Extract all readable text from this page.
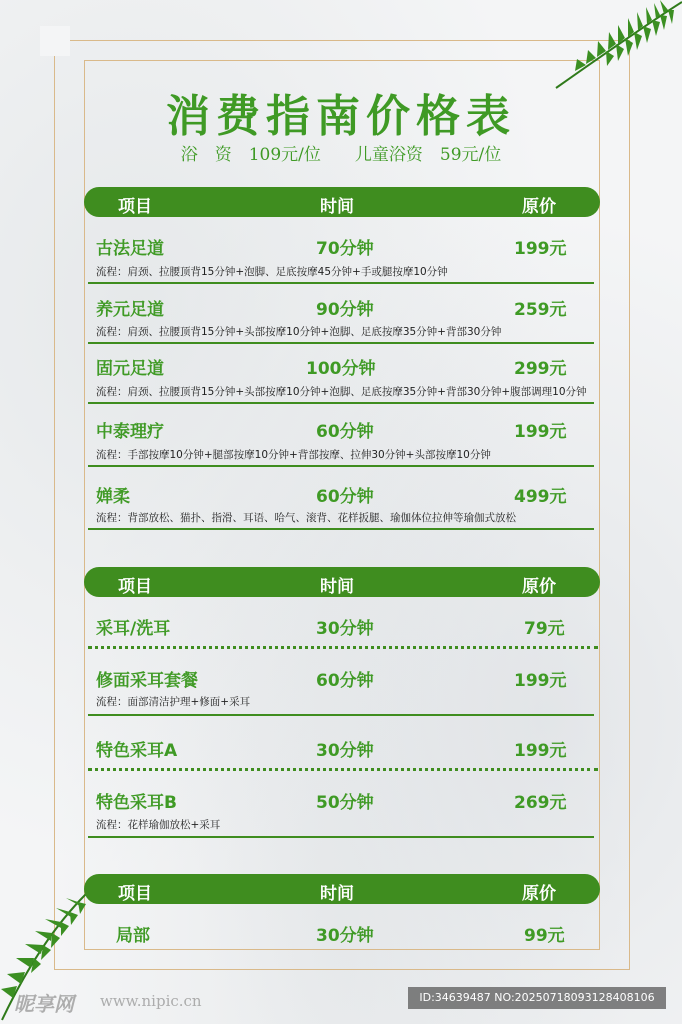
消费指南价格表
浴　资　109元/位　　儿童浴资　59元/位
项目	时间	原价
古法足道	70分钟	199元
流程：肩颈、拉腰顶背15分钟+泡脚、足底按摩45分钟+手或腿按摩10分钟
养元足道	90分钟	259元
流程：肩颈、拉腰顶背15分钟+头部按摩10分钟+泡脚、足底按摩35分钟+背部30分钟
固元足道	100分钟	299元
流程：肩颈、拉腰顶背15分钟+头部按摩10分钟+泡脚、足底按摩35分钟+背部30分钟+腹部调理10分钟
中泰理疗	60分钟	199元
流程：手部按摩10分钟+腿部按摩10分钟+背部按摩、拉伸30分钟+头部按摩10分钟
婵柔	60分钟	499元
流程：背部放松、猫扑、指滑、耳语、哈气、滚背、花样扳腿、瑜伽体位拉伸等瑜伽式放松
项目	时间	原价
采耳/洗耳	30分钟	79元
修面采耳套餐	60分钟	199元
流程：面部清洁护理+修面+采耳
特色采耳A	30分钟	199元
特色采耳B	50分钟	269元
流程：花样瑜伽放松+采耳
项目	时间	原价
局部	30分钟	99元
昵享网 www.nipic.cn	ID:34639487 NO:20250718093128408106
